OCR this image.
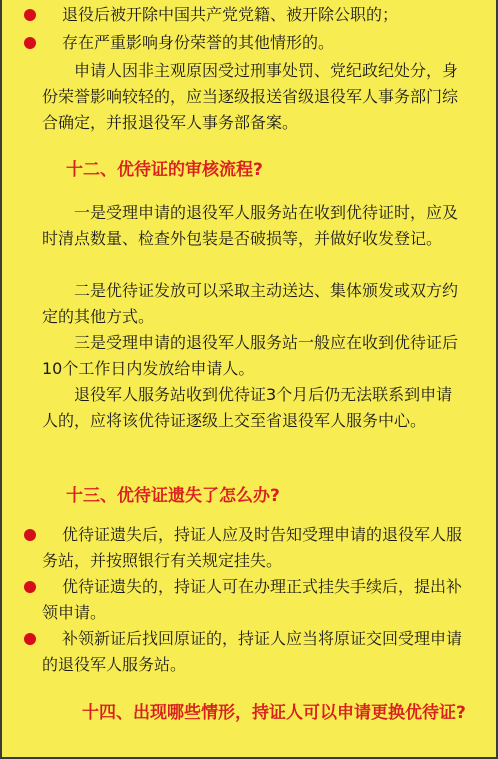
退役后被开除中国共产党党籍、被开除公职的；
存在严重影响身份荣誉的其他情形的。
申请人因非主观原因受过刑事处罚、党纪政纪处分，身份荣誉影响较轻的，应当逐级报送省级退役军人事务部门综合确定，并报退役军人事务部备案。
十二、优待证的审核流程?
一是受理申请的退役军人服务站在收到优待证时，应及时清点数量、检查外包装是否破损等，并做好收发登记。
二是优待证发放可以采取主动送达、集体颁发或双方约定的其他方式。
三是受理申请的退役军人服务站一般应在收到优待证后10个工作日内发放给申请人。
退役军人服务站收到优待证3个月后仍无法联系到申请人的，应将该优待证逐级上交至省退役军人服务中心。
十三、优待证遗失了怎么办?
优待证遗失后，持证人应及时告知受理申请的退役军人服务站，并按照银行有关规定挂失。
优待证遗失的，持证人可在办理正式挂失手续后，提出补领申请。
补领新证后找回原证的，持证人应当将原证交回受理申请的退役军人服务站。
十四、出现哪些情形，持证人可以申请更换优待证?
